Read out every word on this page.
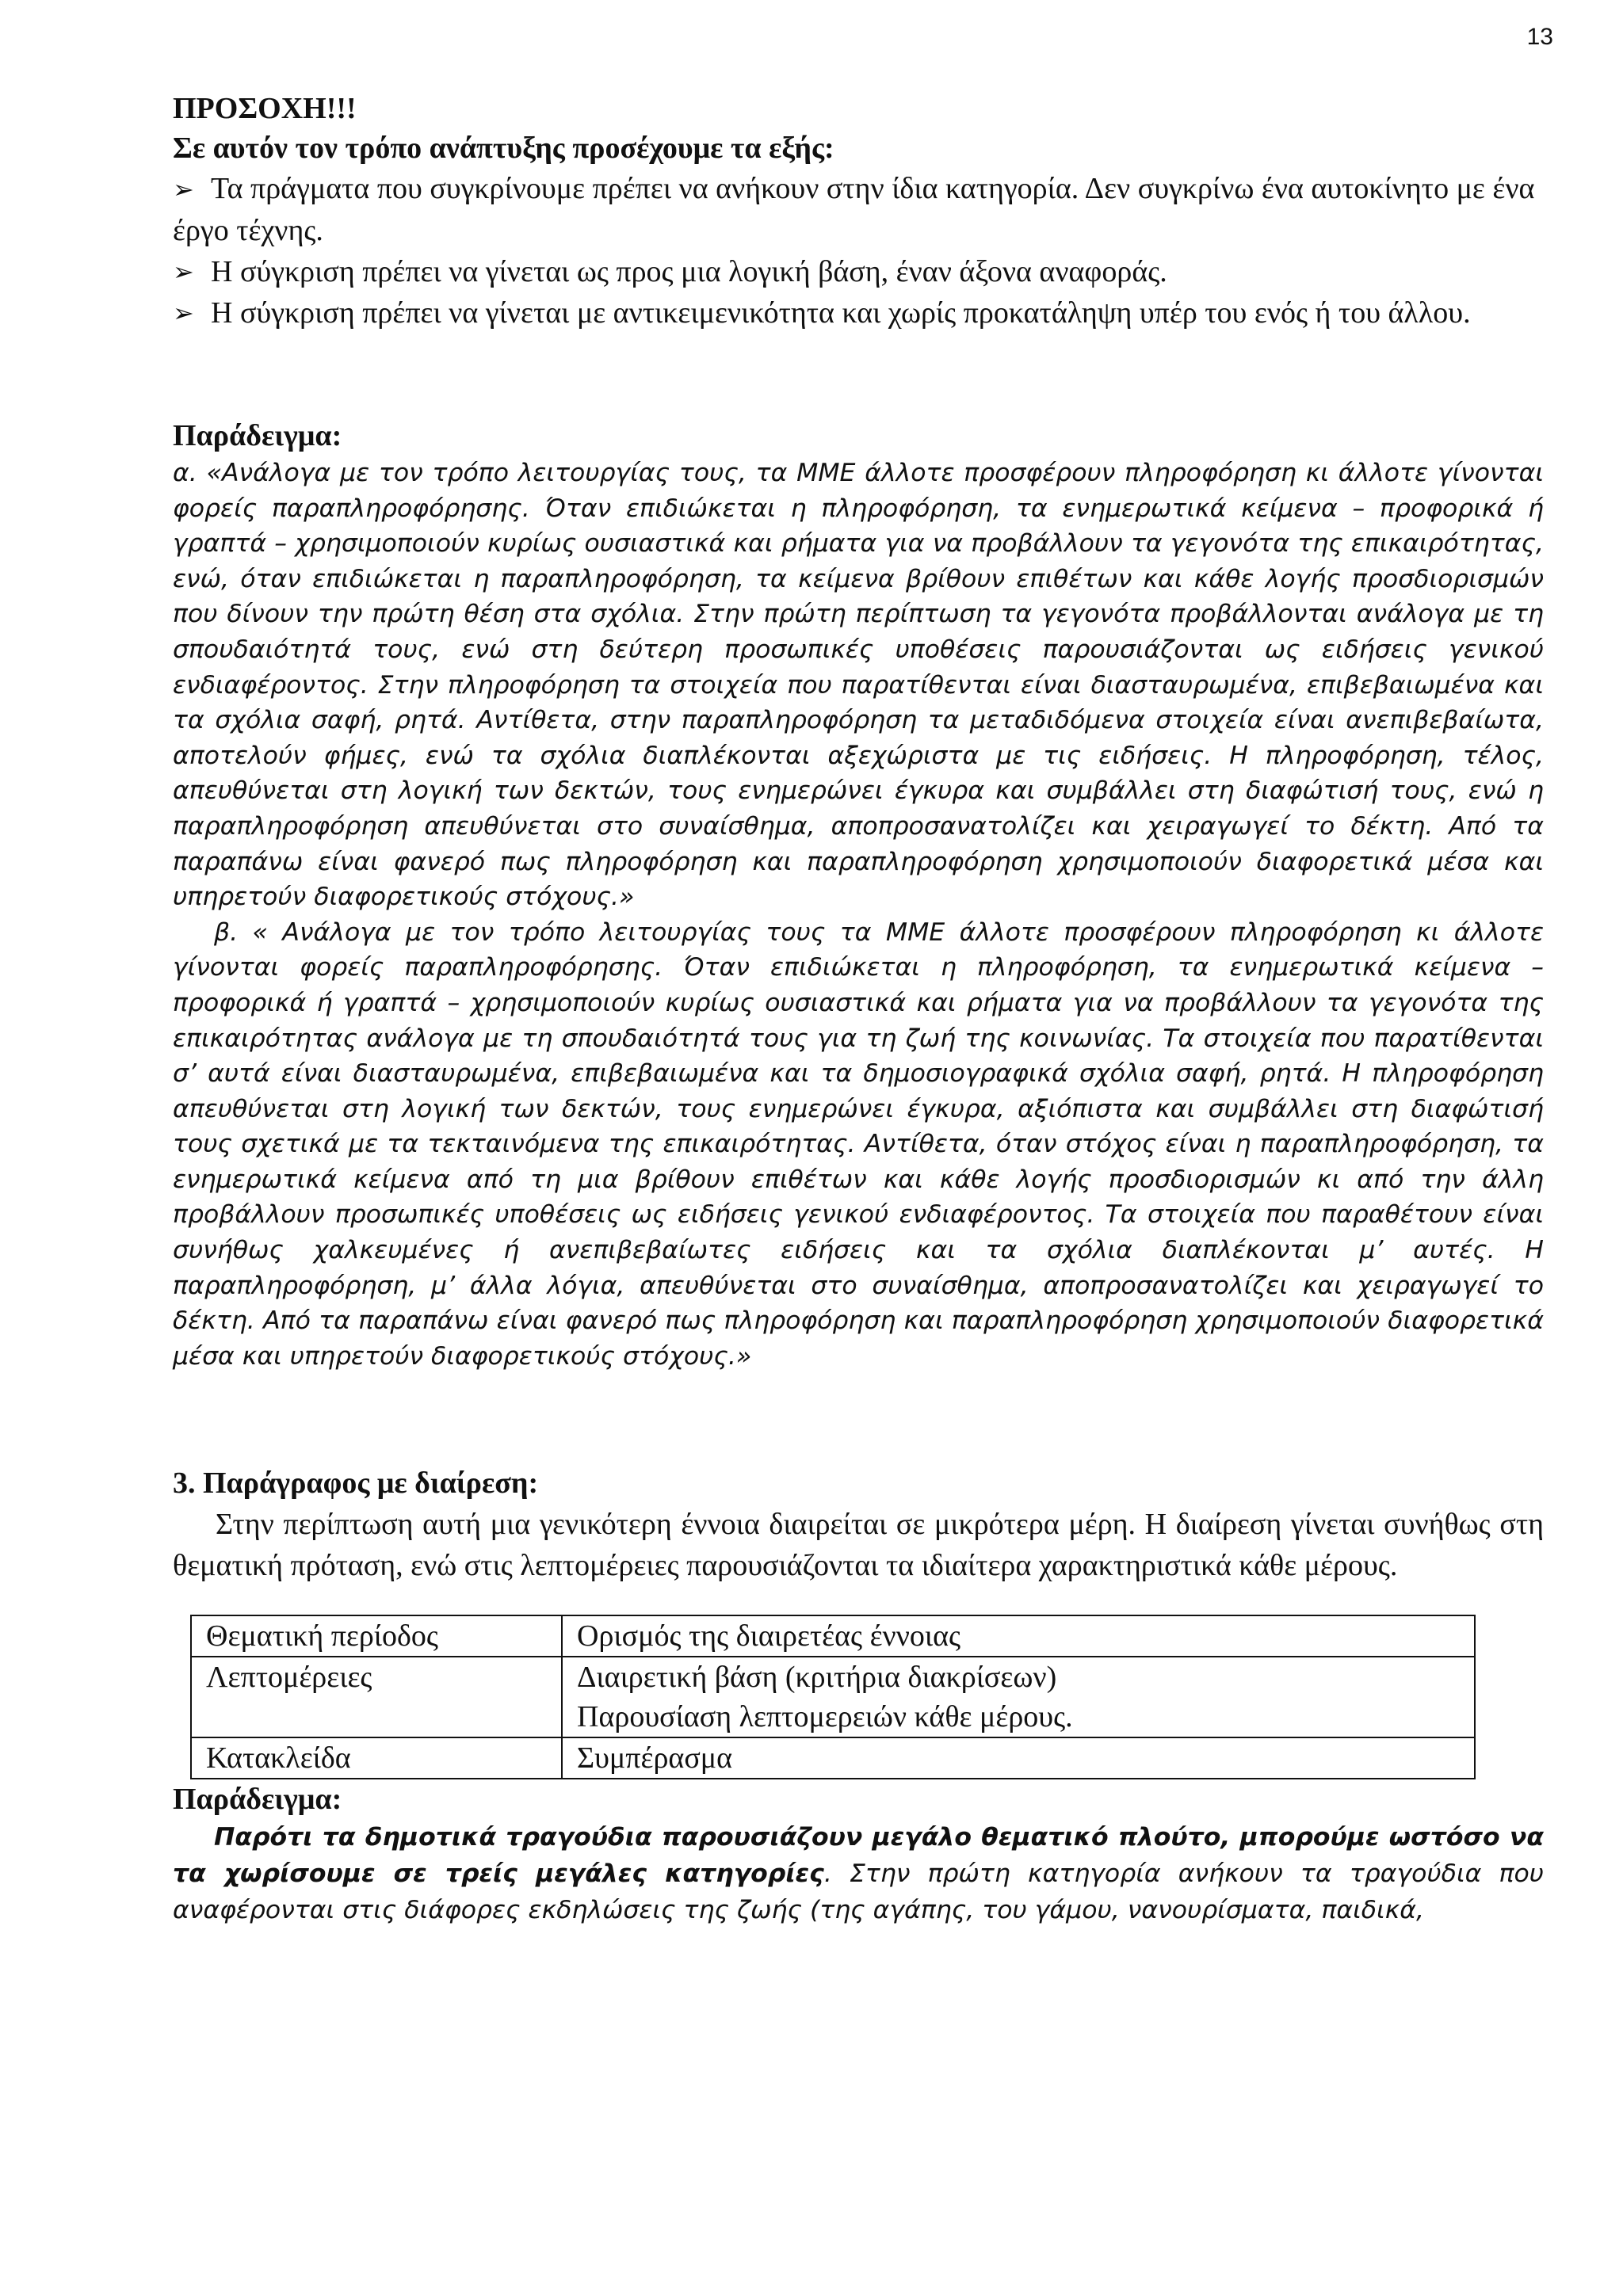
13

ΠΡΟΣΟΧΗ!!!

Σε αυτόν τον τρόπο ανάπτυξης προσέχουμε τα εξής:

➢ Τα πράγματα που συγκρίνουμε πρέπει να ανήκουν στην ίδια κατηγορία. Δεν συγκρίνω ένα αυτοκίνητο με ένα έργο τέχνης.
➢ Η σύγκριση πρέπει να γίνεται ως προς μια λογική βάση, έναν άξονα αναφοράς.
➢ Η σύγκριση πρέπει να γίνεται με αντικειμενικότητα και χωρίς προκατάληψη υπέρ του ενός ή του άλλου.

Παράδειγμα:

α. «Ανάλογα με τον τρόπο λειτουργίας τους, τα ΜΜΕ άλλοτε προσφέρουν πληροφόρηση κι άλλοτε γίνονται φορείς παραπληροφόρησης. Όταν επιδιώκεται η πληροφόρηση, τα ενημερωτικά κείμενα – προφορικά ή γραπτά – χρησιμοποιούν κυρίως ουσιαστικά και ρήματα για να προβάλλουν τα γεγονότα της επικαιρότητας, ενώ, όταν επιδιώκεται η παραπληροφόρηση, τα κείμενα βρίθουν επιθέτων και κάθε λογής προσδιορισμών που δίνουν την πρώτη θέση στα σχόλια. Στην πρώτη περίπτωση τα γεγονότα προβάλλονται ανάλογα με τη σπουδαιότητά τους, ενώ στη δεύτερη προσωπικές υποθέσεις παρουσιάζονται ως ειδήσεις γενικού ενδιαφέροντος. Στην πληροφόρηση τα στοιχεία που παρατίθενται είναι διασταυρωμένα, επιβεβαιωμένα και τα σχόλια σαφή, ρητά. Αντίθετα, στην παραπληροφόρηση τα μεταδιδόμενα στοιχεία είναι ανεπιβεβαίωτα, αποτελούν φήμες, ενώ τα σχόλια διαπλέκονται αξεχώριστα με τις ειδήσεις. Η πληροφόρηση, τέλος, απευθύνεται στη λογική των δεκτών, τους ενημερώνει έγκυρα και συμβάλλει στη διαφώτισή τους, ενώ η παραπληροφόρηση απευθύνεται στο συναίσθημα, αποπροσανατολίζει και χειραγωγεί το δέκτη. Από τα παραπάνω είναι φανερό πως πληροφόρηση και παραπληροφόρηση χρησιμοποιούν διαφορετικά μέσα και υπηρετούν διαφορετικούς στόχους.»

β. « Ανάλογα με τον τρόπο λειτουργίας τους τα ΜΜΕ άλλοτε προσφέρουν πληροφόρηση κι άλλοτε γίνονται φορείς παραπληροφόρησης. Όταν επιδιώκεται η πληροφόρηση, τα ενημερωτικά κείμενα – προφορικά ή γραπτά – χρησιμοποιούν κυρίως ουσιαστικά και ρήματα για να προβάλλουν τα γεγονότα της επικαιρότητας ανάλογα με τη σπουδαιότητά τους για τη ζωή της κοινωνίας. Τα στοιχεία που παρατίθενται σ’ αυτά είναι διασταυρωμένα, επιβεβαιωμένα και τα δημοσιογραφικά σχόλια σαφή, ρητά. Η πληροφόρηση απευθύνεται στη λογική των δεκτών, τους ενημερώνει έγκυρα, αξιόπιστα και συμβάλλει στη διαφώτισή τους σχετικά με τα τεκταινόμενα της επικαιρότητας. Αντίθετα, όταν στόχος είναι η παραπληροφόρηση, τα ενημερωτικά κείμενα από τη μια βρίθουν επιθέτων και κάθε λογής προσδιορισμών κι από την άλλη προβάλλουν προσωπικές υποθέσεις ως ειδήσεις γενικού ενδιαφέροντος. Τα στοιχεία που παραθέτουν είναι συνήθως χαλκευμένες ή ανεπιβεβαίωτες ειδήσεις και τα σχόλια διαπλέκονται μ’ αυτές. Η παραπληροφόρηση, μ’ άλλα λόγια, απευθύνεται στο συναίσθημα, αποπροσανατολίζει και χειραγωγεί το δέκτη. Από τα παραπάνω είναι φανερό πως πληροφόρηση και παραπληροφόρηση χρησιμοποιούν διαφορετικά μέσα και υπηρετούν διαφορετικούς στόχους.»

3. Παράγραφος με διαίρεση:

Στην περίπτωση αυτή μια γενικότερη έννοια διαιρείται σε μικρότερα μέρη. Η διαίρεση γίνεται συνήθως στη θεματική πρόταση, ενώ στις λεπτομέρειες παρουσιάζονται τα ιδιαίτερα χαρακτηριστικά κάθε μέρους.

Θεματική περίοδος	Ορισμός της διαιρετέας έννοιας

Λεπτομέρειες	Διαιρετική βάση (κριτήρια διακρίσεων)
Παρουσίαση λεπτομερειών κάθε μέρους.

Κατακλείδα	Συμπέρασμα

Παράδειγμα:

Παρότι τα δημοτικά τραγούδια παρουσιάζουν μεγάλο θεματικό πλούτο, μπορούμε ωστόσο να τα χωρίσουμε σε τρείς μεγάλες κατηγορίες. Στην πρώτη κατηγορία ανήκουν τα τραγούδια που αναφέρονται στις διάφορες εκδηλώσεις της ζωής (της αγάπης, του γάμου, νανουρίσματα, παιδικά,
